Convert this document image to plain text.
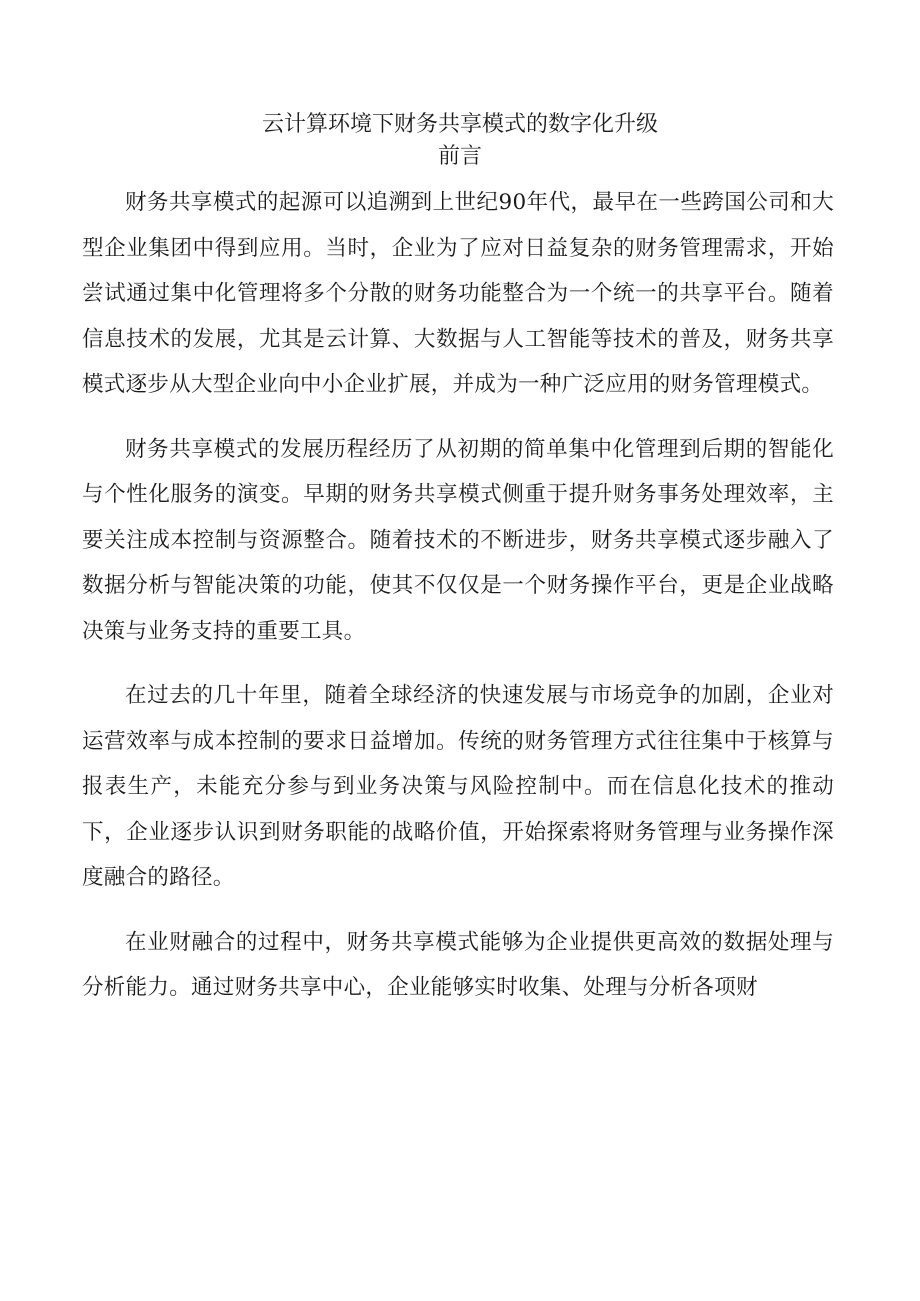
云计算环境下财务共享模式的数字化升级
前言

财务共享模式的起源可以追溯到上世纪90年代，最早在一些跨国公司和大型企业集团中得到应用。当时，企业为了应对日益复杂的财务管理需求，开始尝试通过集中化管理将多个分散的财务功能整合为一个统一的共享平台。随着信息技术的发展，尤其是云计算、大数据与人工智能等技术的普及，财务共享模式逐步从大型企业向中小企业扩展，并成为一种广泛应用的财务管理模式。

财务共享模式的发展历程经历了从初期的简单集中化管理到后期的智能化与个性化服务的演变。早期的财务共享模式侧重于提升财务事务处理效率，主要关注成本控制与资源整合。随着技术的不断进步，财务共享模式逐步融入了数据分析与智能决策的功能，使其不仅仅是一个财务操作平台，更是企业战略决策与业务支持的重要工具。

在过去的几十年里，随着全球经济的快速发展与市场竞争的加剧，企业对运营效率与成本控制的要求日益增加。传统的财务管理方式往往集中于核算与报表生产，未能充分参与到业务决策与风险控制中。而在信息化技术的推动下，企业逐步认识到财务职能的战略价值，开始探索将财务管理与业务操作深度融合的路径。

在业财融合的过程中，财务共享模式能够为企业提供更高效的数据处理与分析能力。通过财务共享中心，企业能够实时收集、处理与分析各项财
